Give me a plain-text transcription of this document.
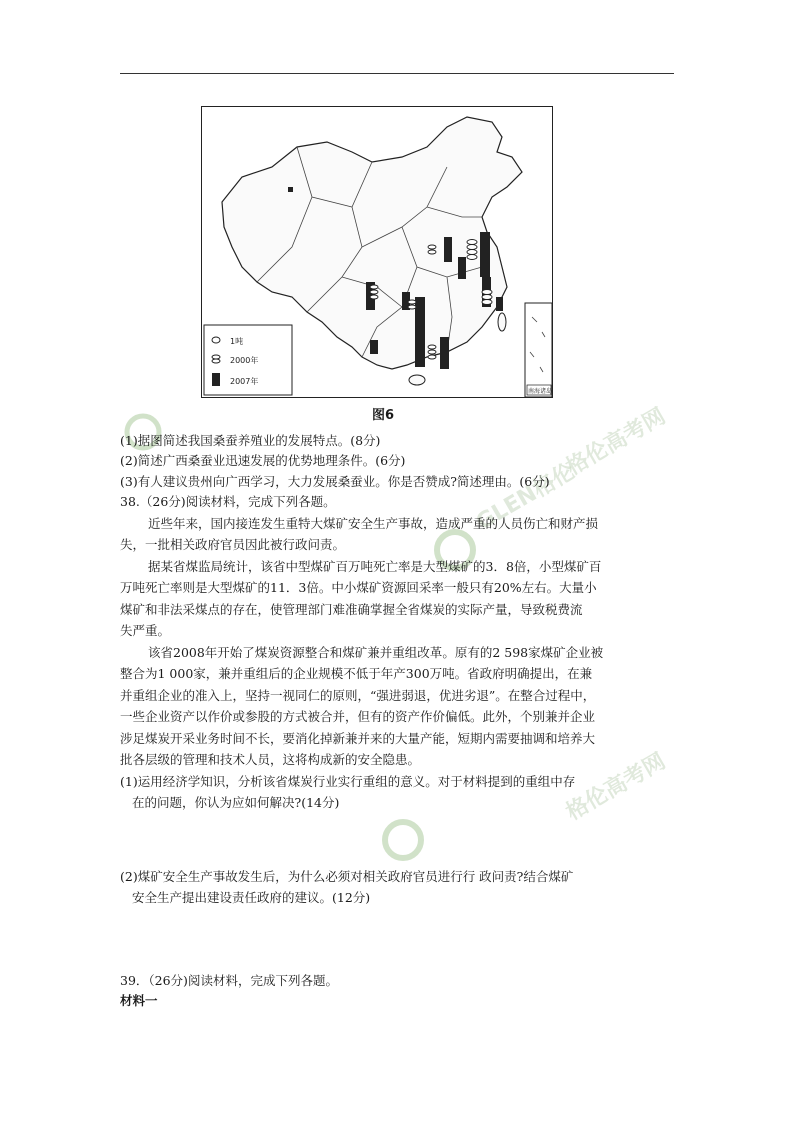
1吨
2000年
2007年
南海诸岛
图6	格伦高考网
GLEN格伦
格伦高考网
(1)据图简述我国桑蚕养殖业的发展特点。(8分)
(2)简述广西桑蚕业迅速发展的优势地理条件。(6分)
(3)有人建议贵州向广西学习，大力发展桑蚕业。你是否赞成?简述理由。(6分)
38.（26分)阅读材料，完成下列各题。
近些年来，国内接连发生重特大煤矿安全生产事故，造成严重的人员伤亡和财产损
失，一批相关政府官员因此被行政问责。
据某省煤监局统计，该省中型煤矿百万吨死亡率是大型煤矿的3．8倍，小型煤矿百
万吨死亡率则是大型煤矿的11．3倍。中小煤矿资源回采率一般只有20%左右。大量小
煤矿和非法采煤点的存在，使管理部门难准确掌握全省煤炭的实际产量，导致税费流
失严重。
该省2008年开始了煤炭资源整合和煤矿兼并重组改革。原有的2 598家煤矿企业被
整合为1 000家，兼并重组后的企业规模不低于年产300万吨。省政府明确提出，在兼
并重组企业的准入上，坚持一视同仁的原则，“强进弱退，优进劣退”。在整合过程中，
一些企业资产以作价或参股的方式被合并，但有的资产作价偏低。此外，个别兼并企业
涉足煤炭开采业务时间不长，要消化掉新兼并来的大量产能，短期内需要抽调和培养大
批各层级的管理和技术人员，这将构成新的安全隐患。
(1)运用经济学知识，分析该省煤炭行业实行重组的意义。对于材料提到的重组中存
在的问题，你认为应如何解决?(14分)
(2)煤矿安全生产事故发生后，为什么必须对相关政府官员进行行 政问责?结合煤矿
安全生产提出建设责任政府的建议。(12分)
39．（26分)阅读材料，完成下列各题。
材料一
